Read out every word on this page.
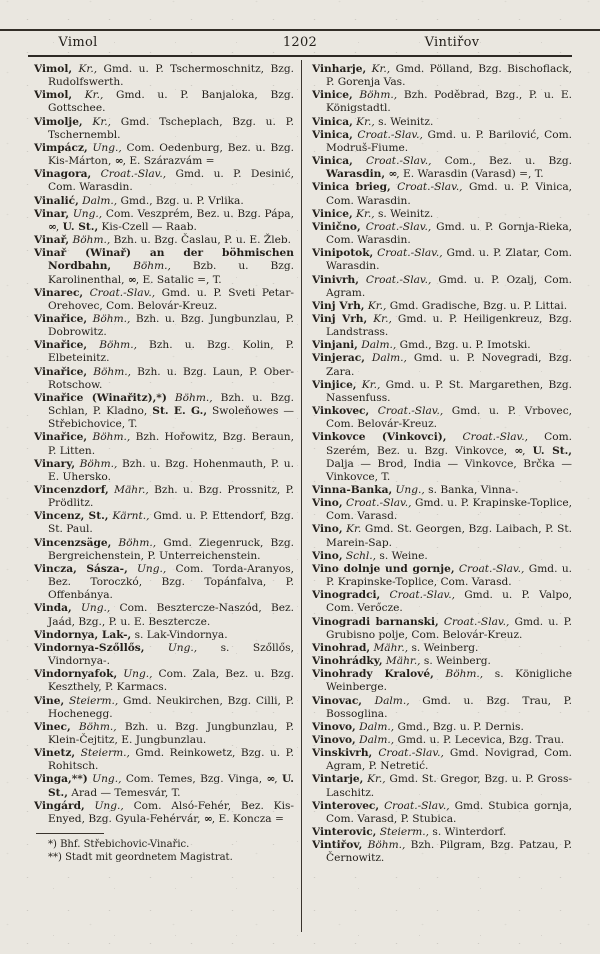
Vimol	1202	Vintiřov
Vimol, Kr., Gmd. u. P. Tschermoschnitz, Bzg. Rudolfswerth.
Vimol, Kr., Gmd. u. P. Banjaloka, Bzg. Gottschee.
Vimolje, Kr., Gmd. Tscheplach, Bzg. u. P. Tschernembl.
Vimpácz, Ung., Com. Oedenburg, Bez. u. Bzg. Kis-Márton, ∞, E. Szárazvám =
Vinagora, Croat.-Slav., Gmd. u. P. Desinić, Com. Warasdin.
Vinalić, Dalm., Gmd., Bzg. u. P. Vrlika.
Vinar, Ung., Com. Veszprém, Bez. u. Bzg. Pápa, ∞, U. St., Kis-Czell — Raab.
Vinař, Böhm., Bzh. u. Bzg. Časlau, P. u. E. Žleb.
Vinař (Winař) an der böhmischen Nordbahn, Böhm., Bzb. u. Bzg. Karolinenthal, ∞, E. Satalic =, T.
Vinarec, Croat.-Slav., Gmd. u. P. Sveti Petar-Orehovec, Com. Belovár-Kreuz.
Vinařice, Böhm., Bzh. u. Bzg. Jungbunzlau, P. Dobrowitz.
Vinařice, Böhm., Bzh. u. Bzg. Kolin, P. Elbeteinitz.
Vinařice, Böhm., Bzh. u. Bzg. Laun, P. Ober-Rotschow.
Vinařice (Winařitz),*) Böhm., Bzh. u. Bzg. Schlan, P. Kladno, St. E. G., Swoleňowes — Střebichovice, T.
Vinařice, Böhm., Bzh. Hořowitz, Bzg. Beraun, P. Litten.
Vinary, Böhm., Bzh. u. Bzg. Hohenmauth, P. u. E. Uhersko.
Vincenzdorf, Mähr., Bzh. u. Bzg. Prossnitz, P. Prödlitz.
Vincenz, St., Kärnt., Gmd. u. P. Ettendorf, Bzg. St. Paul.
Vincenzsäge, Böhm., Gmd. Ziegenruck, Bzg. Bergreichenstein, P. Unterreichenstein.
Vincza, Sásza-, Ung., Com. Torda-Aranyos, Bez. Toroczkó, Bzg. Topánfalva, P. Offenbánya.
Vinda, Ung., Com. Besztercze-Naszód, Bez. Jaád, Bzg., P. u. E. Besztercze.
Vindornya, Lak-, s. Lak-Vindornya.
Vindornya-Szőllős, Ung., s. Szőllős, Vindornya-.
Vindornyafok, Ung., Com. Zala, Bez. u. Bzg. Keszthely, P. Karmacs.
Vine, Steierm., Gmd. Neukirchen, Bzg. Cilli, P. Hochenegg.
Vinec, Böhm., Bzh. u. Bzg. Jungbunzlau, P. Klein-Čejtitz, E. Jungbunzlau.
Vinetz, Steierm., Gmd. Reinkowetz, Bzg. u. P. Rohitsch.
Vinga,**) Ung., Com. Temes, Bzg. Vinga, ∞, U. St., Arad — Temesvár, T.
Vingárd, Ung., Com. Alsó-Fehér, Bez. Kis-Enyed, Bzg. Gyula-Fehérvár, ∞, E. Koncza =
*) Bhf. Střebichovic-Vinařic.
**) Stadt mit geordnetem Magistrat.
Vinharje, Kr., Gmd. Pölland, Bzg. Bischoflack, P. Gorenja Vas.
Vinice, Böhm., Bzh. Poděbrad, Bzg., P. u. E. Königstadtl.
Vinica, Kr., s. Weinitz.
Vinica, Croat.-Slav., Gmd. u. P. Barilović, Com. Modruš-Fiume.
Vinica, Croat.-Slav., Com., Bez. u. Bzg. Warasdin, ∞, E. Warasdin (Varasd) =, T.
Vinica brieg, Croat.-Slav., Gmd. u. P. Vinica, Com. Warasdin.
Vinice, Kr., s. Weinitz.
Vinično, Croat.-Slav., Gmd. u. P. Gornja-Rieka, Com. Warasdin.
Vinipotok, Croat.-Slav., Gmd. u. P. Zlatar, Com. Warasdin.
Vinivrh, Croat.-Slav., Gmd. u. P. Ozalj, Com. Agram.
Vinj Vrh, Kr., Gmd. Gradische, Bzg. u. P. Littai.
Vinj Vrh, Kr., Gmd. u. P. Heiligenkreuz, Bzg. Landstrass.
Vinjani, Dalm., Gmd., Bzg. u. P. Imotski.
Vinjerac, Dalm., Gmd. u. P. Novegradi, Bzg. Zara.
Vinjice, Kr., Gmd. u. P. St. Margarethen, Bzg. Nassenfuss.
Vinkovec, Croat.-Slav., Gmd. u. P. Vrbovec, Com. Belovár-Kreuz.
Vinkovce (Vinkovci), Croat.-Slav., Com. Szerém, Bez. u. Bzg. Vinkovce, ∞, U. St., Dalja — Brod, India — Vinkovce, Brčka — Vinkovce, T.
Vinna-Banka, Ung., s. Banka, Vinna-.
Vino, Croat.-Slav., Gmd. u. P. Krapinske-Toplice, Com. Varasd.
Vino, Kr. Gmd. St. Georgen, Bzg. Laibach, P. St. Marein-Sap.
Vino, Schl., s. Weine.
Vino dolnje und gornje, Croat.-Slav., Gmd. u. P. Krapinske-Toplice, Com. Varasd.
Vinogradci, Croat.-Slav., Gmd. u. P. Valpo, Com. Verőcze.
Vinogradi barnanski, Croat.-Slav., Gmd. u. P. Grubisno polje, Com. Belovár-Kreuz.
Vinohrad, Mähr., s. Weinberg.
Vinohrádky, Mähr., s. Weinberg.
Vinohrady Kralové, Böhm., s. Königliche Weinberge.
Vinovac, Dalm., Gmd. u. Bzg. Trau, P. Bossoglina.
Vinovo, Dalm., Gmd., Bzg. u. P. Dernis.
Vinovo, Dalm., Gmd. u. P. Lecevica, Bzg. Trau.
Vinskivrh, Croat.-Slav., Gmd. Novigrad, Com. Agram, P. Netretić.
Vintarje, Kr., Gmd. St. Gregor, Bzg. u. P. Gross-Laschitz.
Vinterovec, Croat.-Slav., Gmd. Stubica gornja, Com. Varasd, P. Stubica.
Vinterovic, Steierm., s. Winterdorf.
Vintiřov, Böhm., Bzh. Pilgram, Bzg. Patzau, P. Černowitz.
